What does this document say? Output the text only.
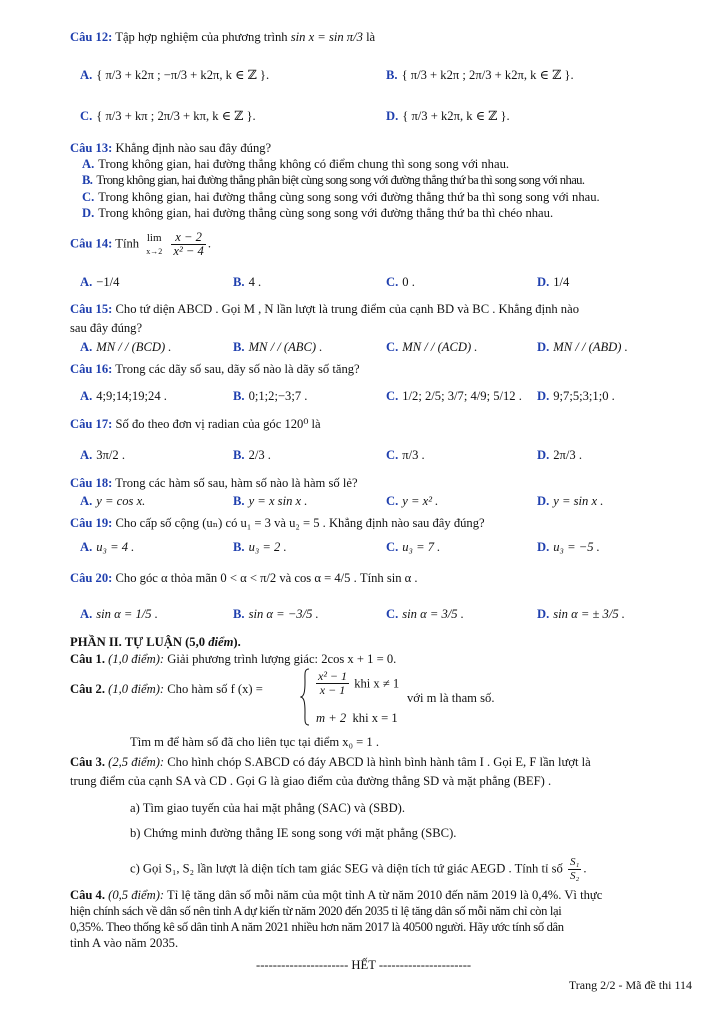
Câu 12: Tập hợp nghiệm của phương trình sin x = sin π/3 là
A. { π/3 + k2π ; −π/3 + k2π, k ∈ ℤ }.	B. { π/3 + k2π ; 2π/3 + k2π, k ∈ ℤ }.
C. { π/3 + kπ ; 2π/3 + kπ, k ∈ ℤ }.	D. { π/3 + k2π, k ∈ ℤ }.
Câu 13: Khẳng định nào sau đây đúng?
A. Trong không gian, hai đường thẳng không có điểm chung thì song song với nhau.
B. Trong không gian, hai đường thẳng phân biệt cùng song song với đường thẳng thứ ba thì song song với nhau.
C. Trong không gian, hai đường thẳng cùng song song với đường thẳng thứ ba thì song song với nhau.
D. Trong không gian, hai đường thẳng cùng song song với đường thẳng thứ ba thì chéo nhau.
Câu 14: Tính lim
x→2
$\frac{x - 2}{\text{x² − 4}}$ .
A. −1/4	B. 4 .	C. 0 .	D. 1/4
Câu 15: Cho tứ diện ABCD . Gọi M , N lần lượt là trung điểm của cạnh BD và BC . Khẳng định nào
sau đây đúng?
A. MN / / (BCD) .	B. MN / / (ABC) .	C. MN / / (ACD) .	D. MN / / (ABD) .
Câu 16: Trong các dãy số sau, dãy số nào là dãy số tăng?
A. 4;9;14;19;24 .	B. 0;1;2;−3;7 .	C. 1/2; 2/5; 3/7; 4/9; 5/12 . D. 9;7;5;3;1;0 .
Câu 17: Số đo theo đơn vị radian của góc 120⁰ là
A. 3π/2 .	B. 2/3 .	C. π/3 .	D. 2π/3 .
Câu 18: Trong các hàm số sau, hàm số nào là hàm số lẻ?
A. y = cos x.	B. y = x sin x .	C. y = x² .	D. y = sin x .
Câu 19: Cho cấp số cộng (uₙ) có u₁ = 3 và u₂ = 5 . Khẳng định nào sau đây đúng?
A. u₃ = 4 .	B. u₃ = 2 .	C. u₃ = 7 .	D. u₃ = −5 .
Câu 20: Cho góc α thỏa mãn 0 < α < π/2 và cos α = 4/5 . Tính sin α .
A. sin α = 1/5 .	B. sin α = −3/5 .	C. sin α = 3/5 .	D. sin α = ± 3/5 .
PHẦN II. TỰ LUẬN (5,0 điểm).
Câu 1. (1,0 điểm): Giải phương trình lượng giác: 2cos x + 1 = 0.
Câu 2. (1,0 điểm): Cho hàm số f (x) =	$\frac{\text{x² − 1}}{x - 1}$ khi x ≠ 1
m + 2 khi x = 1
với m là tham số.
Tìm m để hàm số đã cho liên tục tại điểm x₀ = 1 .
Câu 3. (2,5 điểm): Cho hình chóp S.ABCD có đáy ABCD là hình bình hành tâm I . Gọi E, F lần lượt là
trung điểm của cạnh SA và CD . Gọi G là giao điểm của đường thẳng SD và mặt phẳng (BEF) .
a) Tìm giao tuyến của hai mặt phẳng (SAC) và (SBD).
b) Chứng minh đường thẳng IE song song với mặt phẳng (SBC).
c) Gọi S₁, S₂ lần lượt là diện tích tam giác SEG và diện tích tứ giác AEGD . Tính tỉ số $\frac{\text{S₁}}{\text{S₂}}$ .
Câu 4. (0,5 điểm): Tỉ lệ tăng dân số mỗi năm của một tỉnh A từ năm 2010 đến năm 2019 là 0,4%. Vì thực
hiện chính sách về dân số nên tỉnh A dự kiến từ năm 2020 đến 2035 tỉ lệ tăng dân số mỗi năm chỉ còn lại
0,35%. Theo thống kê số dân tỉnh A năm 2021 nhiều hơn năm 2017 là 40500 người. Hãy ước tính số dân
tỉnh A vào năm 2035.
---------------------- HẾT ----------------------
Trang 2/2 - Mã đề thi 114
